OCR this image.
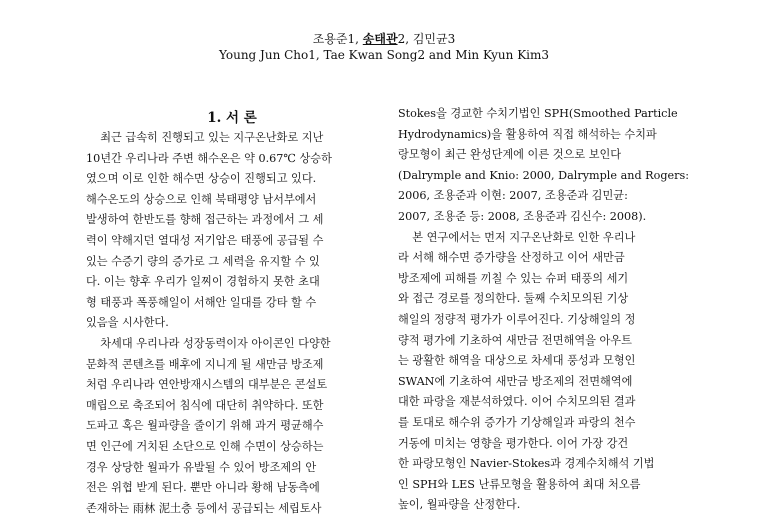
조용준1, 송태관2, 김민균3
Young Jun Cho1, Tae Kwan Song2 and Min Kyun Kim3
1. 서 론
최근 급속히 진행되고 있는 지구온난화로 지난
10년간 우리나라 주변 해수온은 약 0.67℃ 상승하
였으며 이로 인한 해수면 상승이 진행되고 있다.
해수온도의 상승으로 인해 북태평양 남서부에서
발생하여 한반도를 향해 접근하는 과정에서 그 세
력이 약해지던 열대성 저기압은 태풍에 공급될 수
있는 수증기 량의 증가로 그 세력을 유지할 수 있
다. 이는 향후 우리가 일찌이 경험하지 못한 초대
형 태풍과 폭풍해일이 서해안 일대를 강타 할 수
있음을 시사한다.
차세대 우리나라 성장동력이자 아이콘인 다양한
문화적 콘텐츠를 배후에 지니게 될 새만금 방조제
처럼 우리나라 연안방재시스템의 대부분은 콘설토
매립으로 축조되어 침식에 대단히 취약하다. 또한
도파고 혹은 월파량을 줄이기 위해 과거 평균해수
면 인근에 거치된 소단으로 인해 수면이 상승하는
경우 상당한 월파가 유발될 수 있어 방조제의 안
전은 위협 받게 된다. 뿐만 아니라 황해 남동측에
존재하는 雨林 泥土층 등에서 공급되는 세립토사
Stokes을 경교한 수치기법인 SPH(Smoothed Particle
Hydrodynamics)을 활용하여 직접 해석하는 수치파
랑모형이 최근 완성단계에 이른 것으로 보인다
(Dalrymple and Knio: 2000, Dalrymple and Rogers:
2006, 조용준과 이현: 2007, 조용준과 김민균:
2007, 조용준 등: 2008, 조용준과 김신수: 2008).
본 연구에서는 먼저 지구온난화로 인한 우리나
라 서해 해수면 증가량을 산정하고 이어 새만금
방조제에 피해를 끼칠 수 있는 슈퍼 태풍의 세기
와 접근 경로를 정의한다. 둘째 수치모의된 기상
해일의 정량적 평가가 이루어진다. 기상해일의 정
량적 평가에 기초하여 새만금 전면해역을 아우트
는 광활한 해역을 대상으로 차세대 풍성과 모형인
SWAN에 기초하여 새만금 방조제의 전면해역에
대한 파랑을 재분석하였다. 이어 수치모의된 결과
를 토대로 해수위 증가가 기상해일과 파랑의 천수
거동에 미치는 영향을 평가한다. 이어 가장 강건
한 파랑모형인 Navier-Stokes과 경계수치해석 기법
인 SPH와 LES 난류모형을 활용하여 최대 처오름
높이, 월파량을 산정한다.
